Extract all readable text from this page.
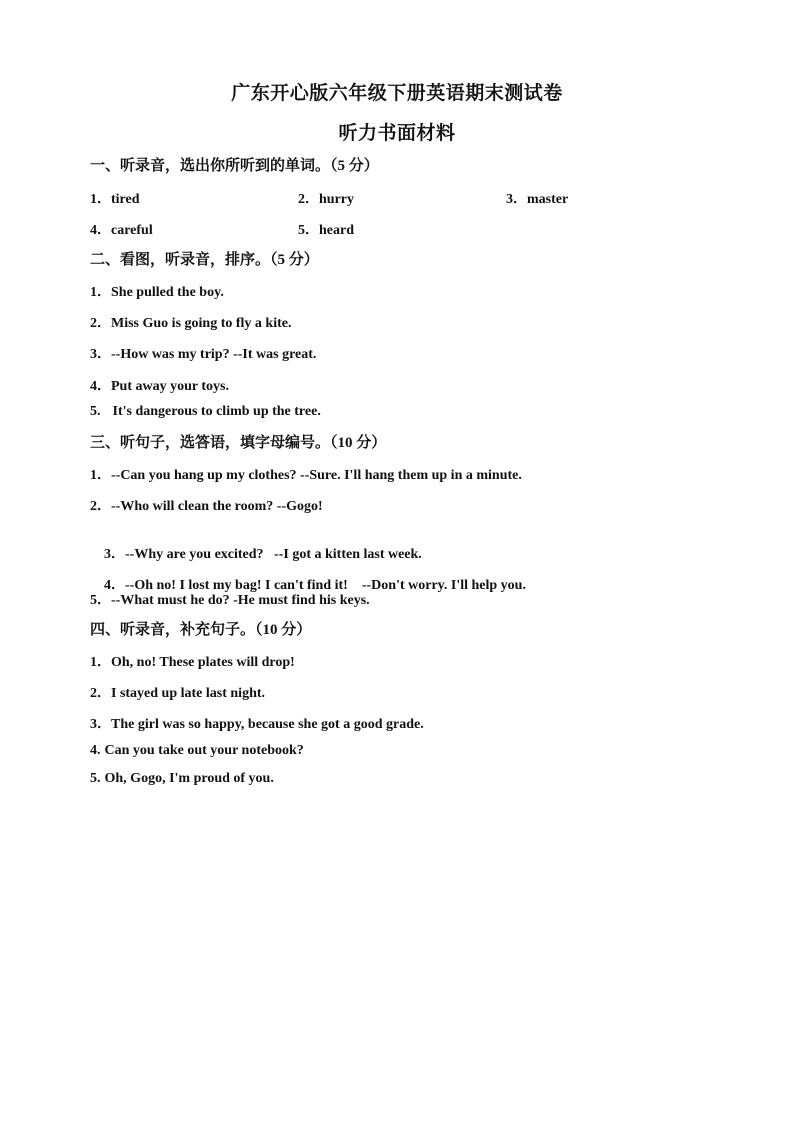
广东开心版六年级下册英语期末测试卷
听力书面材料
一、听录音，选出你所听到的单词。（5 分）
1．tired	2．hurry	3．master
4．careful	5．heard
二、看图，听录音，排序。（5 分）
1．She pulled the boy.
2．Miss Guo is going to fly a kite.
3．--How was my trip? --It was great.
4．Put away your toys.
5. It's dangerous to climb up the tree.
三、听句子，选答语，填字母编号。（10 分）
1．--Can you hang up my clothes? --Sure. I'll hang them up in a minute.
2．--Who will clean the room? --Gogo!

3．--Why are you excited?   --I got a kitten last week.

4．--Oh no! I lost my bag! I can't find it!    --Don't worry. I'll help you.

5．--What must he do? -He must find his keys.
四、听录音，补充句子。（10 分）
1．Oh, no! These plates will drop!
2．I stayed up late last night.
3．The girl was so happy, because she got a good grade.
4. Can you take out your notebook?
5. Oh, Gogo, I'm proud of you.
